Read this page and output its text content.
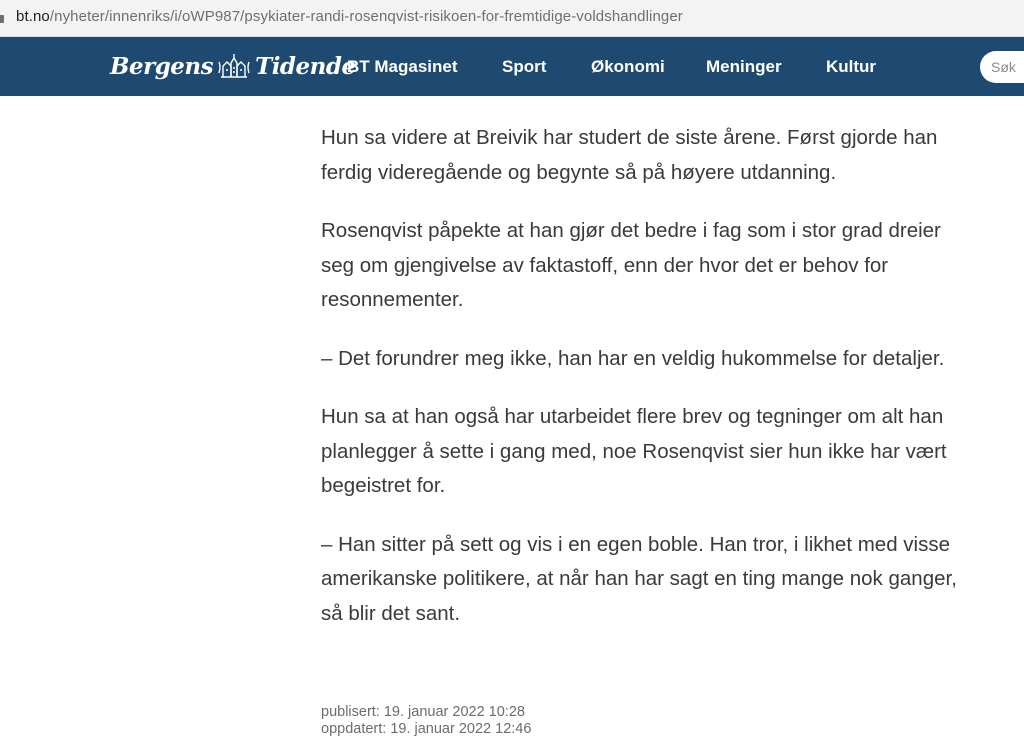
bt.no/nyheter/innenriks/i/oWP987/psykiater-randi-rosenqvist-risikoen-for-fremtidige-voldshandlinger
Bergens Tidende
BT Magasinet	Sport	Økonomi Meninger	Kultur
Søk

Hun sa videre at Breivik har studert de siste årene. Først gjorde han ferdig videregående og begynte så på høyere utdanning.

Rosenqvist påpekte at han gjør det bedre i fag som i stor grad dreier seg om gjengivelse av faktastoff, enn der hvor det er behov for resonnementer.

– Det forundrer meg ikke, han har en veldig hukommelse for detaljer.

Hun sa at han også har utarbeidet flere brev og tegninger om alt han planlegger å sette i gang med, noe Rosenqvist sier hun ikke har vært begeistret for.

– Han sitter på sett og vis i en egen boble. Han tror, i likhet med visse amerikanske politikere, at når han har sagt en ting mange nok ganger, så blir det sant.

publisert: 19. januar 2022 10:28
oppdatert: 19. januar 2022 12:46
